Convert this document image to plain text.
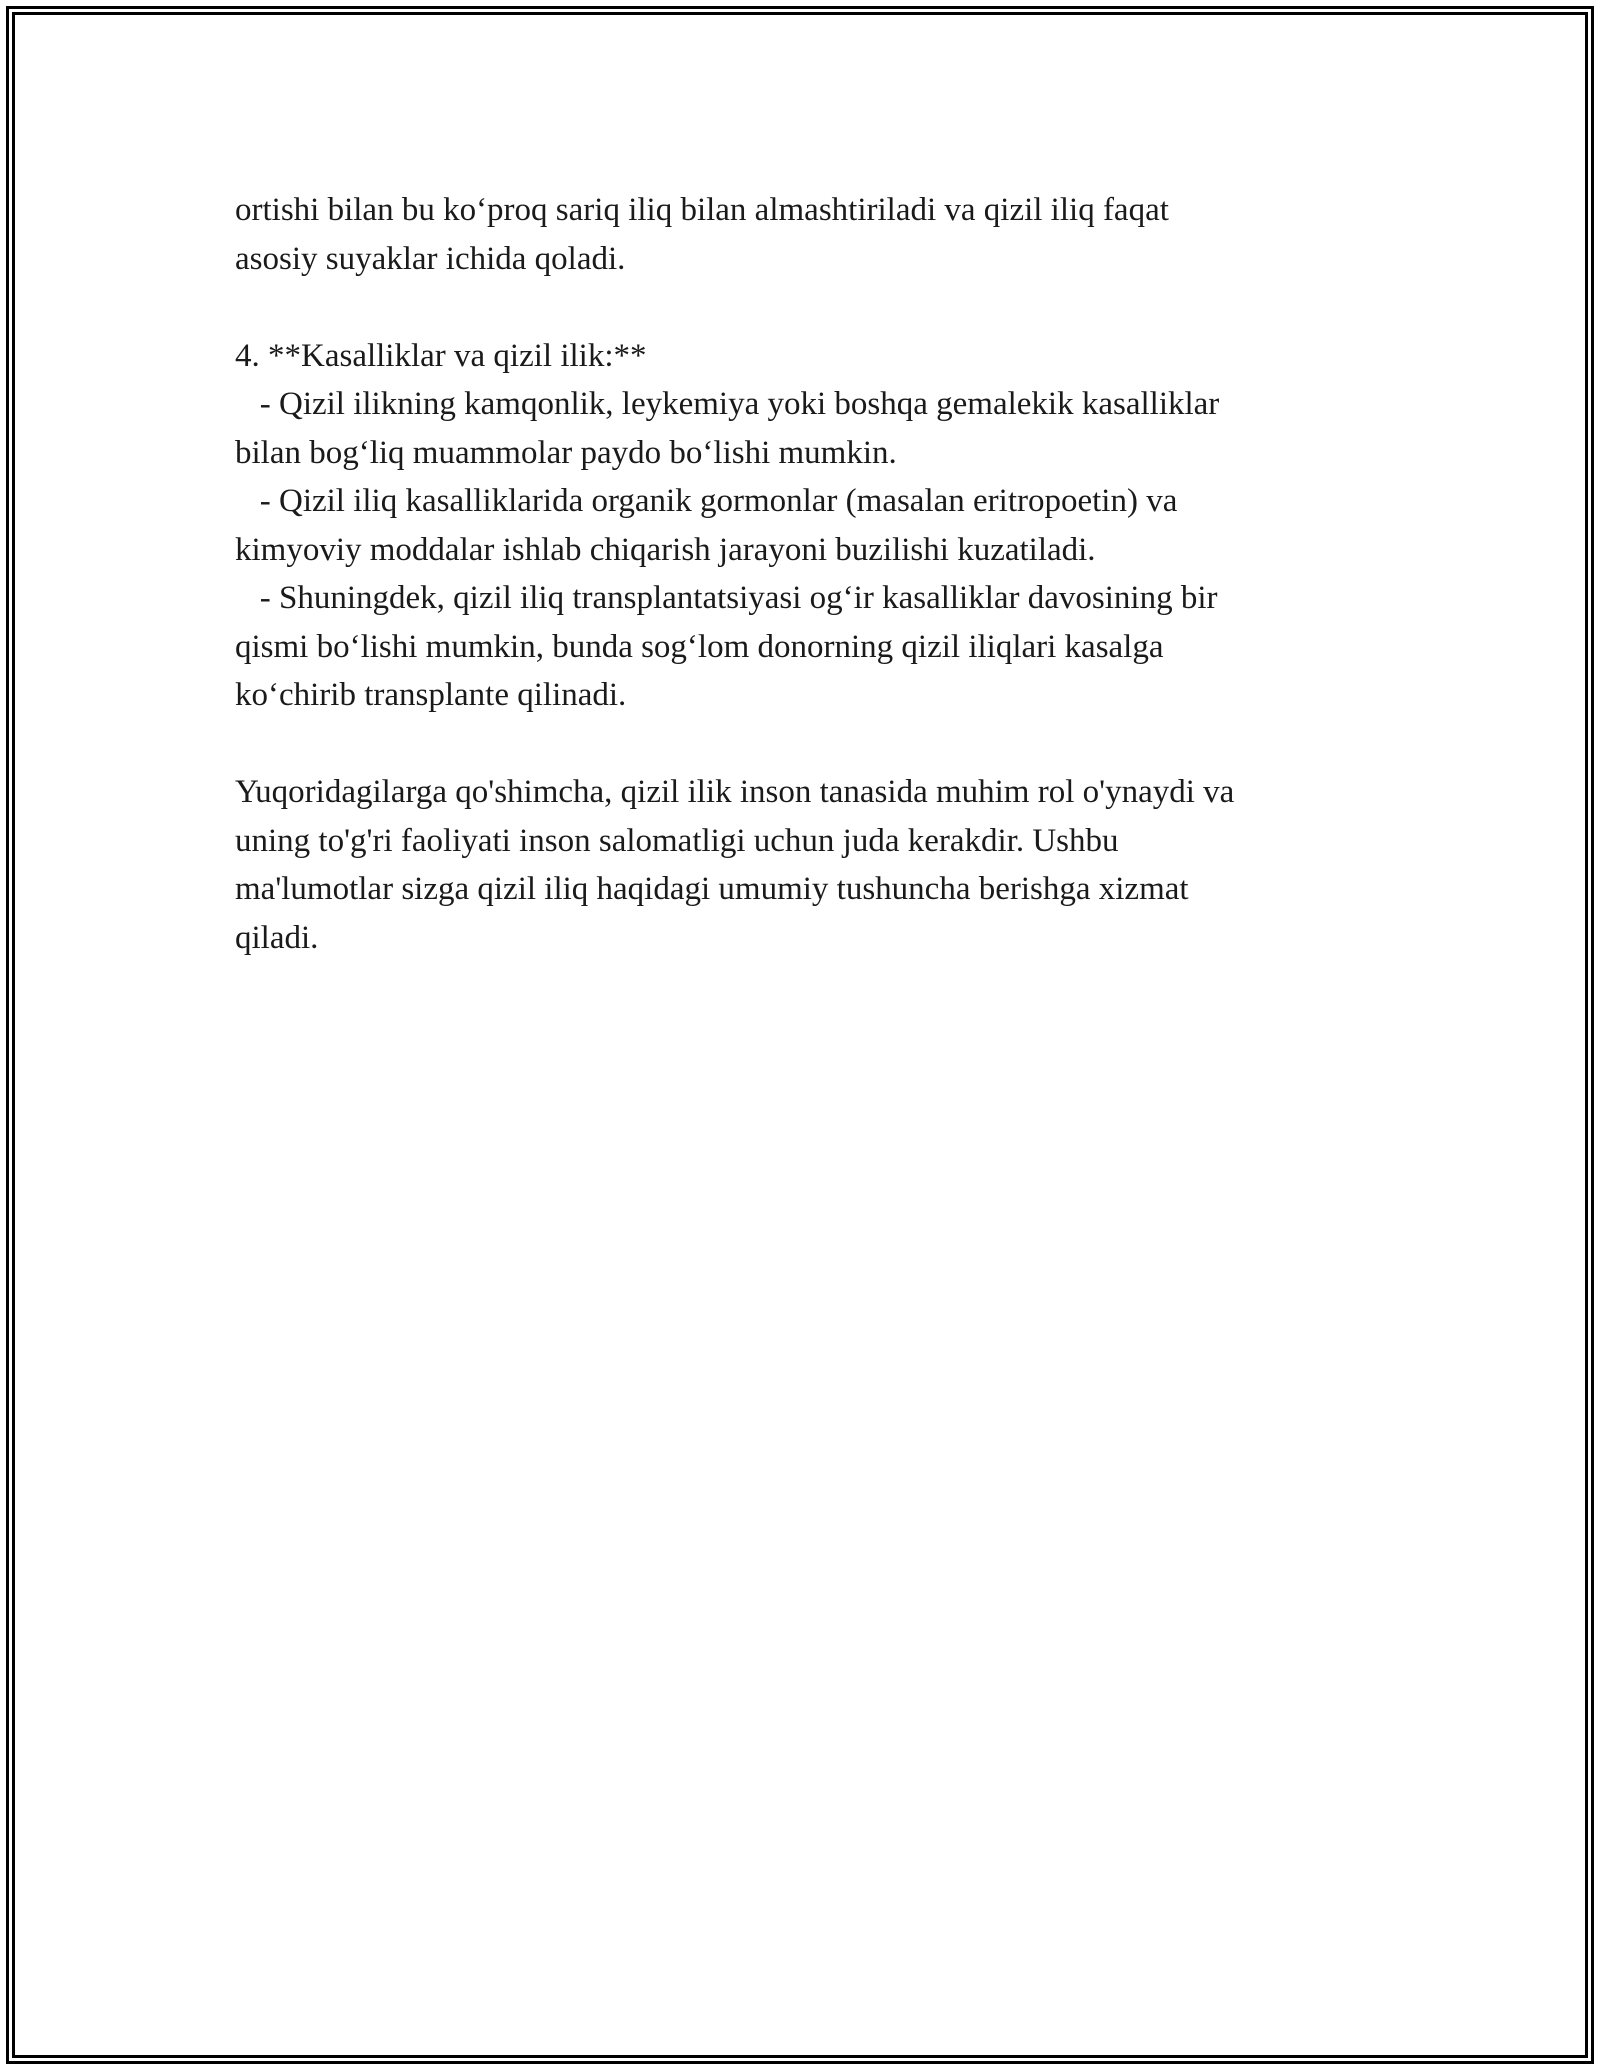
ortishi bilan bu ko‘proq sariq iliq bilan almashtiriladi va qizil iliq faqat
asosiy suyaklar ichida qoladi.
4. **Kasalliklar va qizil ilik:**
- Qizil ilikning kamqonlik, leykemiya yoki boshqa gemalekik kasalliklar
bilan bog‘liq muammolar paydo bo‘lishi mumkin.
- Qizil iliq kasalliklarida organik gormonlar (masalan eritropoetin) va
kimyoviy moddalar ishlab chiqarish jarayoni buzilishi kuzatiladi.
- Shuningdek, qizil iliq transplantatsiyasi og‘ir kasalliklar davosining bir
qismi bo‘lishi mumkin, bunda sog‘lom donorning qizil iliqlari kasalga
ko‘chirib transplante qilinadi.
Yuqoridagilarga qo'shimcha, qizil ilik inson tanasida muhim rol o'ynaydi va
uning to'g'ri faoliyati inson salomatligi uchun juda kerakdir. Ushbu
ma'lumotlar sizga qizil iliq haqidagi umumiy tushuncha berishga xizmat
qiladi.
